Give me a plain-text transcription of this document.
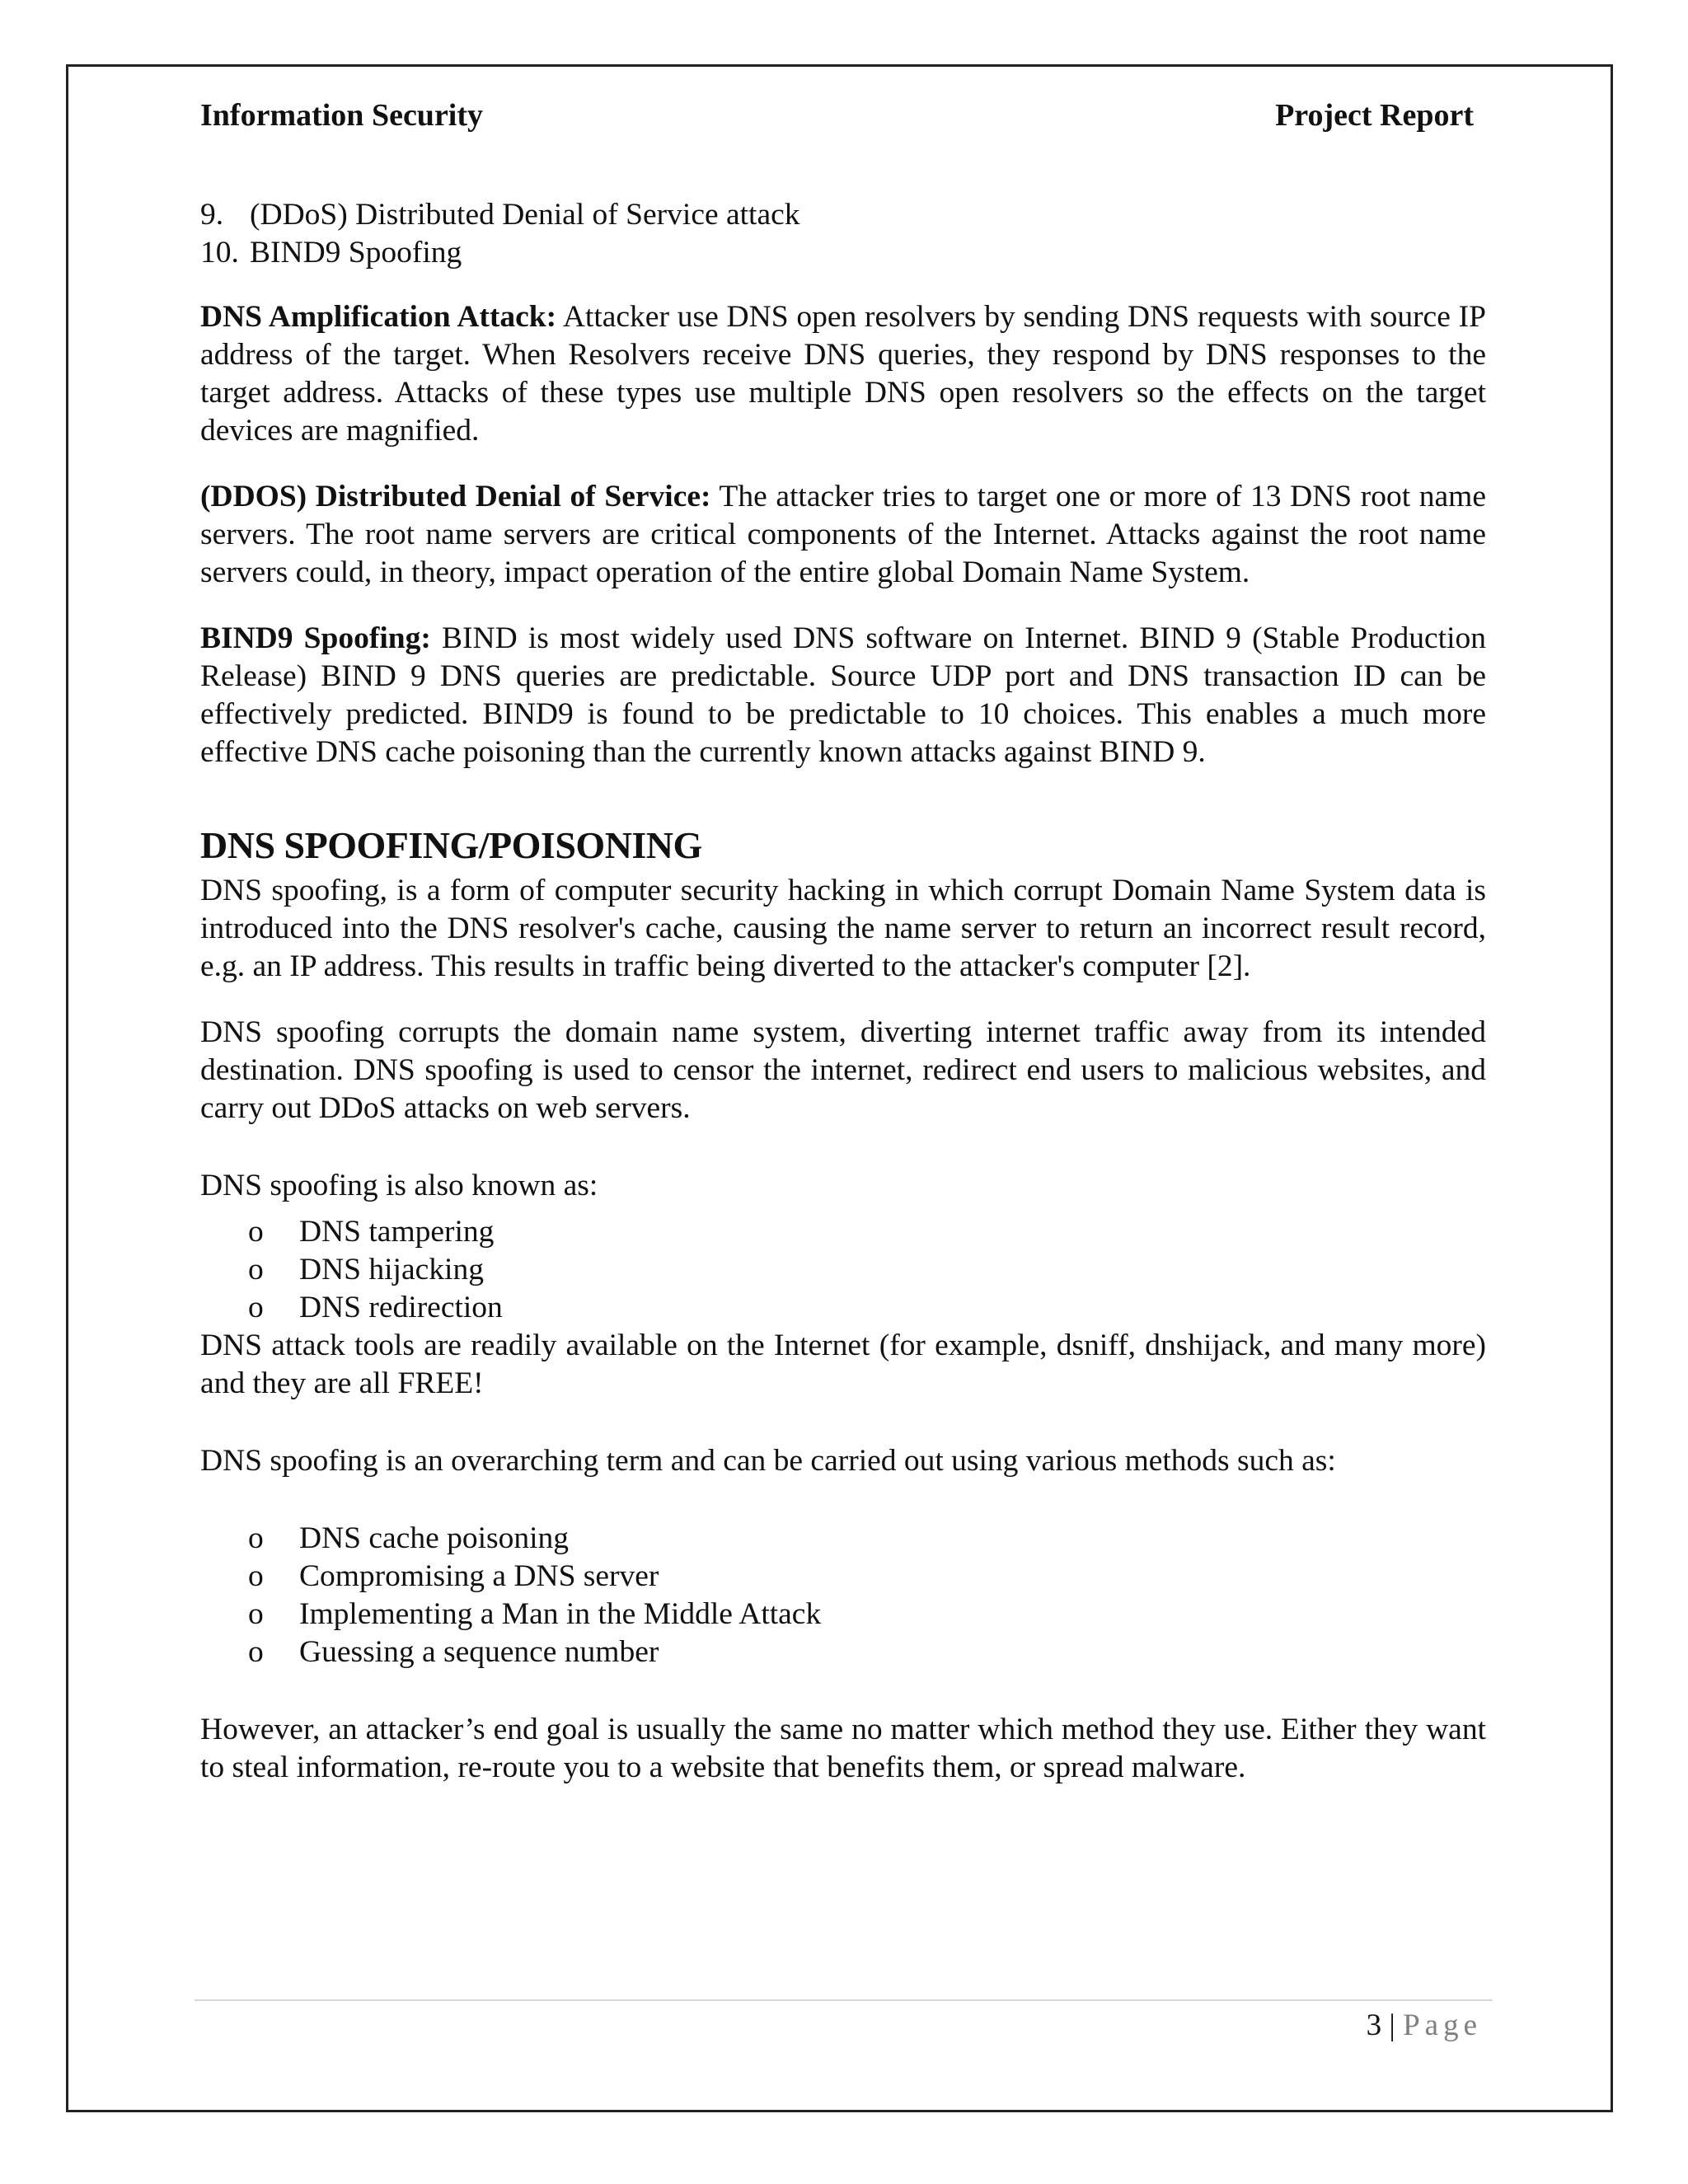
Information Security	Project Report
9. (DDoS) Distributed Denial of Service attack
10. BIND9 Spoofing

DNS Amplification Attack: Attacker use DNS open resolvers by sending DNS requests with source IP address of the target. When Resolvers receive DNS queries, they respond by DNS responses to the target address. Attacks of these types use multiple DNS open resolvers so the effects on the target devices are magnified.

(DDOS) Distributed Denial of Service: The attacker tries to target one or more of 13 DNS root name servers. The root name servers are critical components of the Internet. Attacks against the root name servers could, in theory, impact operation of the entire global Domain Name System.

BIND9 Spoofing: BIND is most widely used DNS software on Internet. BIND 9 (Stable Production Release) BIND 9 DNS queries are predictable. Source UDP port and DNS transaction ID can be effectively predicted. BIND9 is found to be predictable to 10 choices. This enables a much more effective DNS cache poisoning than the currently known attacks against BIND 9.

DNS SPOOFING/POISONING

DNS spoofing, is a form of computer security hacking in which corrupt Domain Name System data is introduced into the DNS resolver's cache, causing the name server to return an incorrect result record, e.g. an IP address. This results in traffic being diverted to the attacker's computer [2].

DNS spoofing corrupts the domain name system, diverting internet traffic away from its intended destination. DNS spoofing is used to censor the internet, redirect end users to malicious websites, and carry out DDoS attacks on web servers.

DNS spoofing is also known as:

o DNS tampering
o DNS hijacking
o DNS redirection

DNS attack tools are readily available on the Internet (for example, dsniff, dnshijack, and many more) and they are all FREE!

DNS spoofing is an overarching term and can be carried out using various methods such as:

o DNS cache poisoning
o Compromising a DNS server
o Implementing a Man in the Middle Attack
o Guessing a sequence number

However, an attacker’s end goal is usually the same no matter which method they use. Either they want to steal information, re-route you to a website that benefits them, or spread malware.

3 | Page
